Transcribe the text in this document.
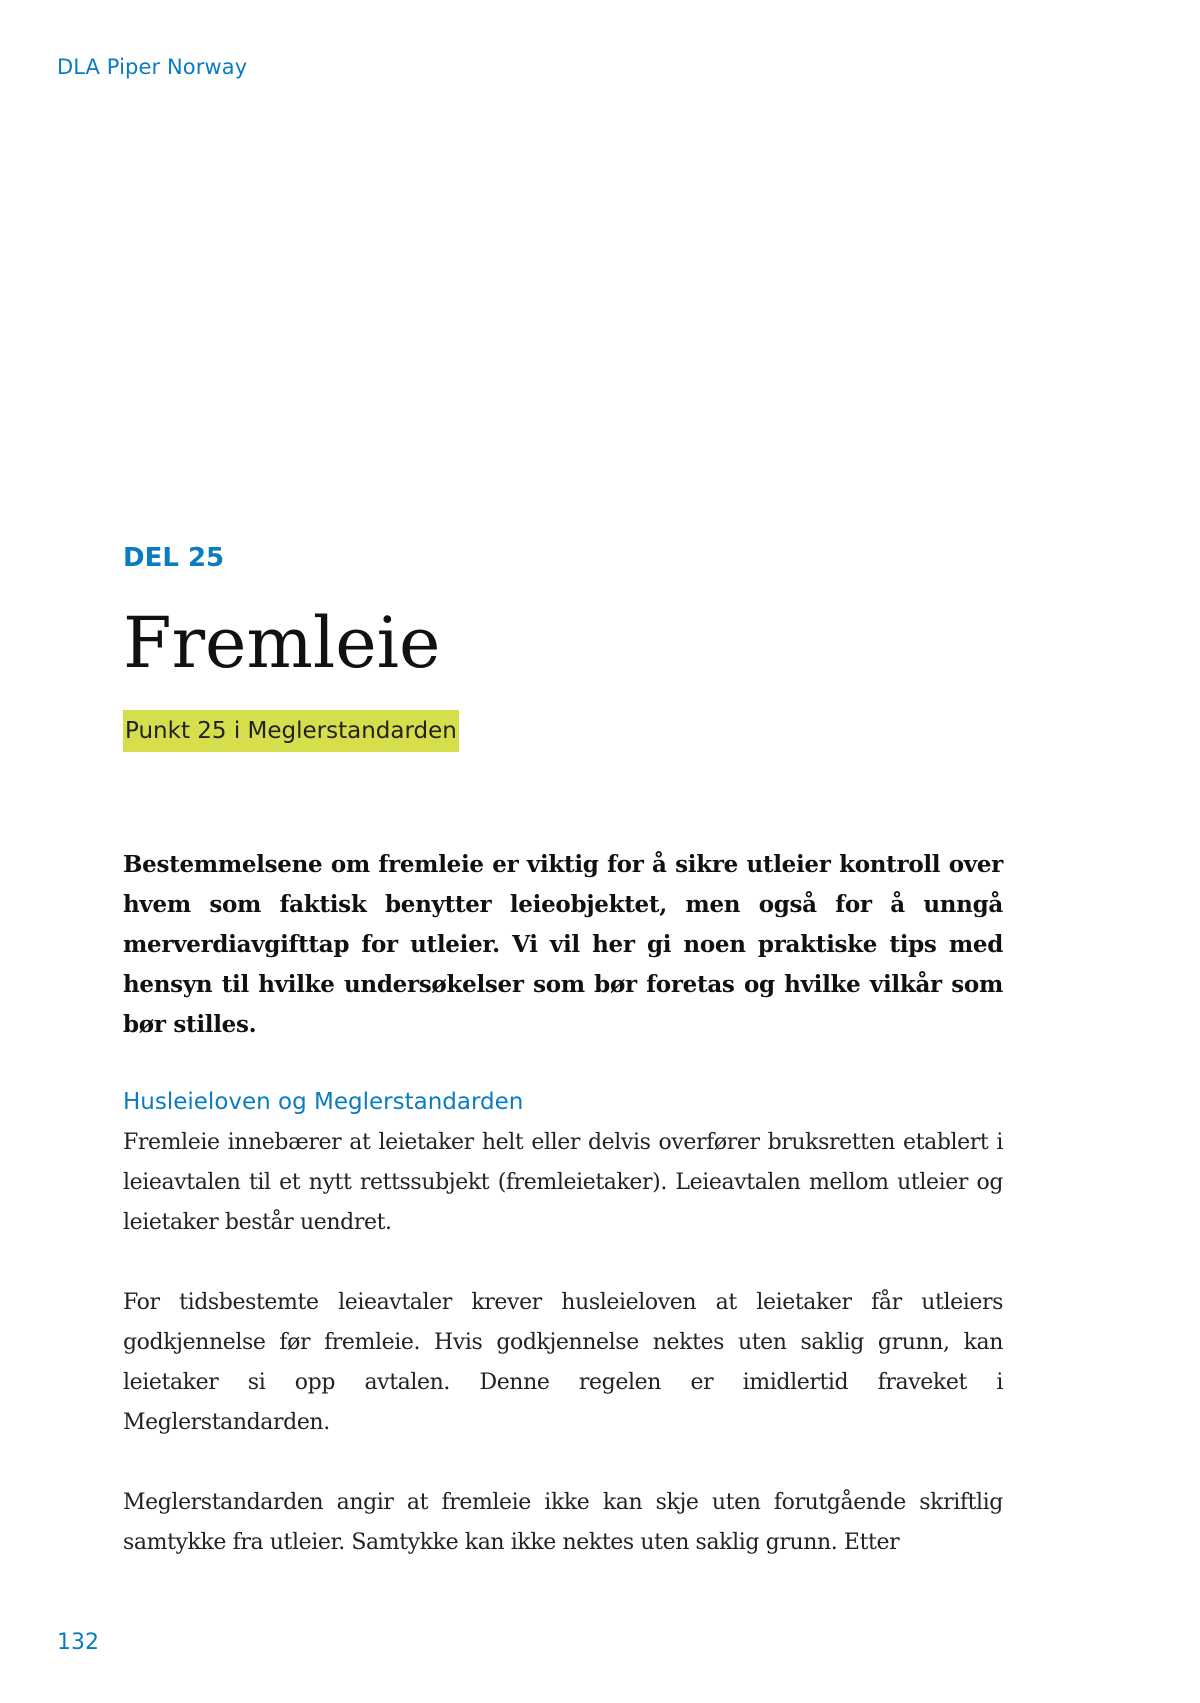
DLA Piper Norway
DEL 25
Fremleie
Punkt 25 i Meglerstandarden
Bestemmelsene om fremleie er viktig for å sikre utleier kontroll over hvem som faktisk benytter leieobjektet, men også for å unngå merverdiavgifttap for utleier. Vi vil her gi noen praktiske tips med hensyn til hvilke undersøkelser som bør foretas og hvilke vilkår som bør stilles.
Husleieloven og Meglerstandarden

Fremleie innebærer at leietaker helt eller delvis overfører bruksretten etablert i leieavtalen til et nytt rettssubjekt (fremleietaker). Leieavtalen mellom utleier og leietaker består uendret.

For tidsbestemte leieavtaler krever husleieloven at leietaker får utleiers godkjennelse før fremleie. Hvis godkjennelse nektes uten saklig grunn, kan leietaker si opp avtalen. Denne regelen er imidlertid fraveket i Meglerstandarden.

Meglerstandarden angir at fremleie ikke kan skje uten forutgående skriftlig samtykke fra utleier. Samtykke kan ikke nektes uten saklig grunn. Etter

132
